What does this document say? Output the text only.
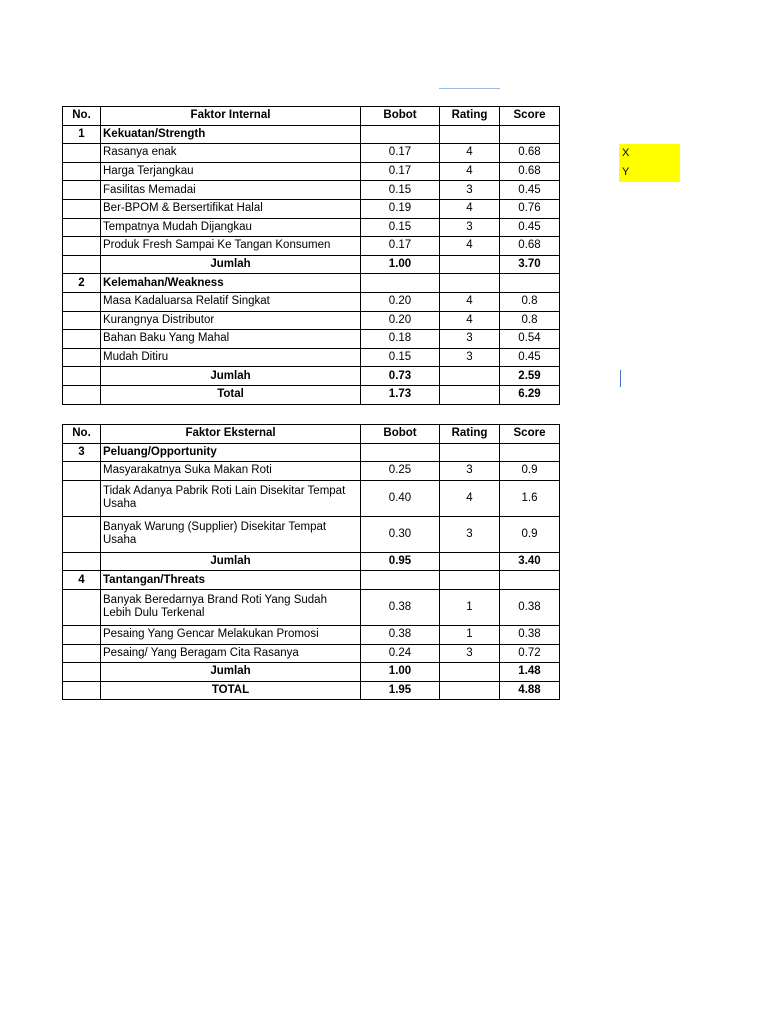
No.	Faktor Internal	Bobot	Rating	Score
1	Kekuatan/Strength			
	Rasanya enak	0.17	4	0.68
	Harga Terjangkau	0.17	4	0.68
	Fasilitas Memadai	0.15	3	0.45
	Ber-BPOM & Bersertifikat Halal	0.19	4	0.76
	Tempatnya Mudah Dijangkau	0.15	3	0.45
	Produk Fresh Sampai Ke Tangan Konsumen	0.17	4	0.68
	Jumlah	1.00		3.70
2	Kelemahan/Weakness			
	Masa Kadaluarsa Relatif Singkat	0.20	4	0.8
	Kurangnya Distributor	0.20	4	0.8
	Bahan Baku Yang Mahal	0.18	3	0.54
	Mudah Ditiru	0.15	3	0.45
	Jumlah	0.73		2.59
	Total	1.73		6.29
No.	Faktor Eksternal	Bobot	Rating	Score
3	Peluang/Opportunity			
	Masyarakatnya Suka Makan Roti	0.25	3	0.9
	Tidak Adanya Pabrik Roti Lain Disekitar Tempat Usaha	0.40	4	1.6
	Banyak Warung (Supplier) Disekitar Tempat Usaha	0.30	3	0.9
	Jumlah	0.95		3.40
4	Tantangan/Threats			
	Banyak Beredarnya Brand Roti Yang Sudah Lebih Dulu Terkenal	0.38	1	0.38
	Pesaing Yang Gencar Melakukan Promosi	0.38	1	0.38
	Pesaing/ Yang Beragam Cita Rasanya	0.24	3	0.72
	Jumlah	1.00		1.48
	TOTAL	1.95		4.88
X
Y
